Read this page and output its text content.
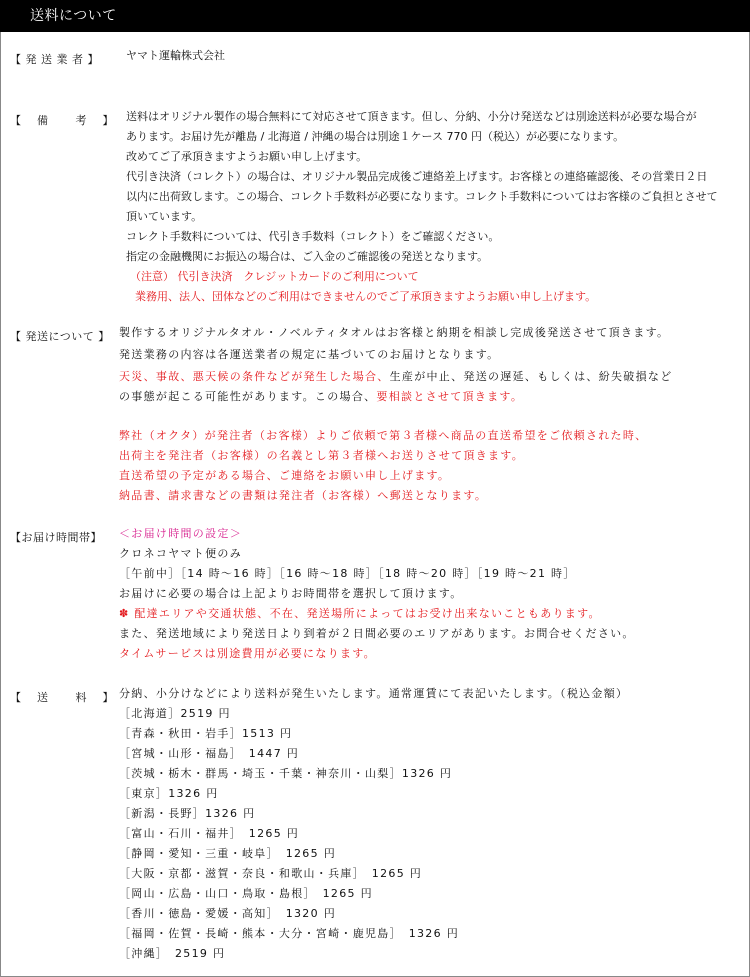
送料について
【 発 送 業 者 】 ヤマト運輸株式会社
【　 備 　　考 　】 送料はオリジナル製作の場合無料にて対応させて頂きます。但し、分納、小分け発送などは別途送料が必要な場合が
あります。お届け先が離島 / 北海道 / 沖縄の場合は別途１ケース 770 円（税込）が必要になります。
改めてご了承頂きますようお願い申し上げます。
代引き決済（コレクト）の場合は、オリジナル製品完成後ご連絡差上げます。お客様との連絡確認後、その営業日２日
以内に出荷致します。この場合、コレクト手数料が必要になります。コレクト手数料についてはお客様のご負担とさせて
頂いています。
コレクト手数料については、代引き手数料（コレクト）をご確認ください。
指定の金融機関にお振込の場合は、ご入金のご確認後の発送となります。
（注意） 代引き決済　クレジットカードのご利用について
業務用、法人、団体などのご利用はできませんのでご了承頂きますようお願い申し上げます。
【 発送について 】 製作するオリジナルタオル・ノベルティタオルはお客様と納期を相談し完成後発送させて頂きます。
発送業務の内容は各運送業者の規定に基づいてのお届けとなります。
天災、事故、悪天候の条件などが発生した場合、生産が中止、発送の遅延、もしくは、紛失破損など
の事態が起こる可能性があります。この場合、要相談とさせて頂きます。
弊社（オクタ）が発注者（お客様）よりご依頼で第３者様へ商品の直送希望をご依頼された時、
出荷主を発注者（お客様）の名義とし第３者様へお送りさせて頂きます。
直送希望の予定がある場合、ご連絡をお願い申し上げます。
納品書、請求書などの書類は発注者（お客様）へ郵送となります。
【お届け時間帯】 ＜お届け時間の設定＞
クロネコヤマト便のみ
［午前中］［14 時～16 時］［16 時～18 時］［18 時～20 時］［19 時～21 時］
お届けに必要の場合は上記よりお時間帯を選択して頂けます。
✽ 配達エリアや交通状態、不在、発送場所によってはお受け出来ないこともあります。
また、発送地域により発送日より到着が２日間必要のエリアがあります。お問合せください。
タイムサービスは別途費用が必要になります。
【　 送　　 料 　】 分納、小分けなどにより送料が発生いたします。通常運賃にて表記いたします。（税込金額）
［北海道］2519 円
［青森・秋田・岩手］1513 円
［宮城・山形・福島］　1447 円
［茨城・栃木・群馬・埼玉・千葉・神奈川・山梨］1326 円
［東京］1326 円
［新潟・長野］1326 円
［富山・石川・福井］　1265 円
［静岡・愛知・三重・岐阜］　1265 円
［大阪・京都・滋賀・奈良・和歌山・兵庫］　1265 円
［岡山・広島・山口・鳥取・島根］　1265 円
［香川・徳島・愛媛・高知］　1320 円
［福岡・佐賀・長崎・熊本・大分・宮崎・鹿児島］　1326 円
［沖縄］　2519 円
